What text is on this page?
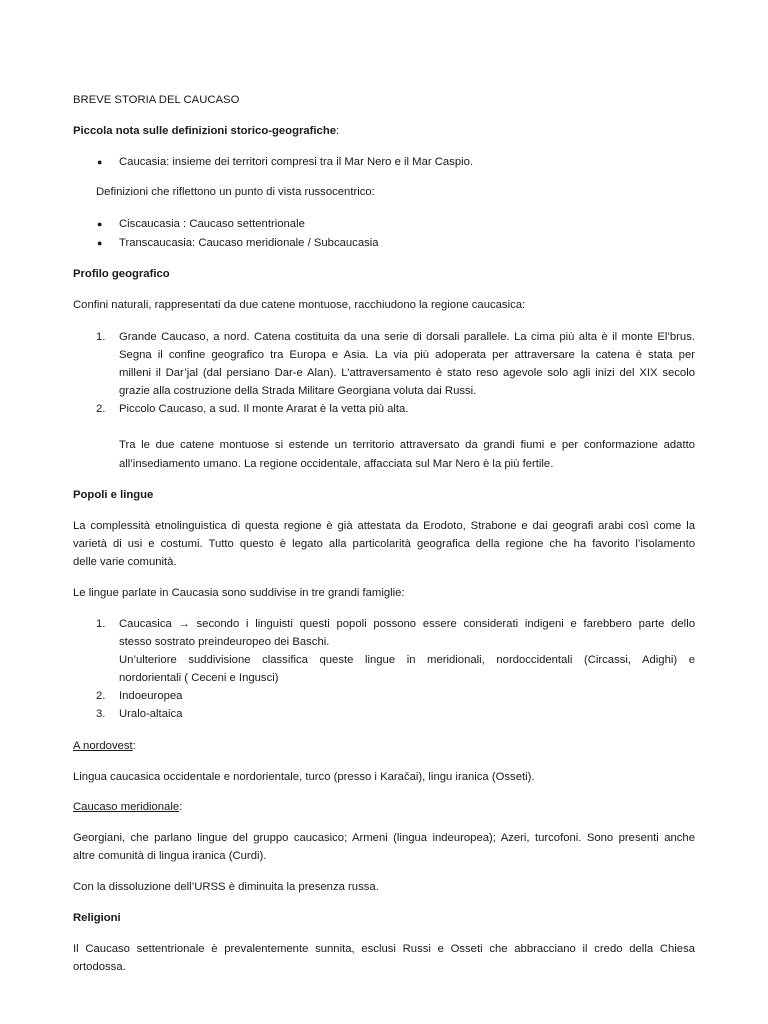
BREVE STORIA DEL CAUCASO
Piccola nota sulle definizioni storico-geografiche:
● Caucasia: insieme dei territori compresi tra il Mar Nero e il Mar Caspio.
Definizioni che riflettono un punto di vista russocentrico:
● Ciscaucasia : Caucaso settentrionale
● Transcaucasia: Caucaso meridionale / Subcaucasia
Profilo geografico
Confini naturali, rappresentati da due catene montuose, racchiudono la regione caucasica:
1. Grande Caucaso, a nord. Catena costituita da una serie di dorsali parallele. La cima più alta è il monte El’brus.
Segna il confine geografico tra Europa e Asia. La via più adoperata per attraversare la catena è stata per
milleni il Dar’jal (dal persiano Dar-e Alan). L’attraversamento è stato reso agevole solo agli inizi del XIX secolo
grazie alla costruzione della Strada Militare Georgiana voluta dai Russi.
2. Piccolo Caucaso, a sud. Il monte Ararat è la vetta più alta.
Tra le due catene montuose si estende un territorio attraversato da grandi fiumi e per conformazione adatto
all’insediamento umano. La regione occidentale, affacciata sul Mar Nero è la più fertile.
Popoli e lingue
La complessità etnolinguistica di questa regione è già attestata da Erodoto, Strabone e dai geografi arabi così come la
varietà di usi e costumi. Tutto questo è legato alla particolarità geografica della regione che ha favorito l’isolamento
delle varie comunità.
Le lingue parlate in Caucasia sono suddivise in tre grandi famiglie:
1. Caucasica → secondo i linguisti questi popoli possono essere considerati indigeni e farebbero parte dello
stesso sostrato preindeuropeo dei Baschi.
Un’ulteriore suddivisione classifica queste lingue in meridionali, nordoccidentali (Circassi, Adighi) e
nordorientali ( Ceceni e Ingusci)
2. Indoeuropea
3. Uralo-altaica
A nordovest:
Lingua caucasica occidentale e nordorientale, turco (presso i Karačai), lingu iranica (Osseti).
Caucaso meridionale:
Georgiani, che parlano lingue del gruppo caucasico; Armeni (lingua indeuropea); Azeri, turcofoni. Sono presenti anche
altre comunità di lingua iranica (Curdi).
Con la dissoluzione dell’URSS è diminuita la presenza russa.
Religioni
Il Caucaso settentrionale è prevalentemente sunnita, esclusi Russi e Osseti che abbracciano il credo della Chiesa
ortodossa.
